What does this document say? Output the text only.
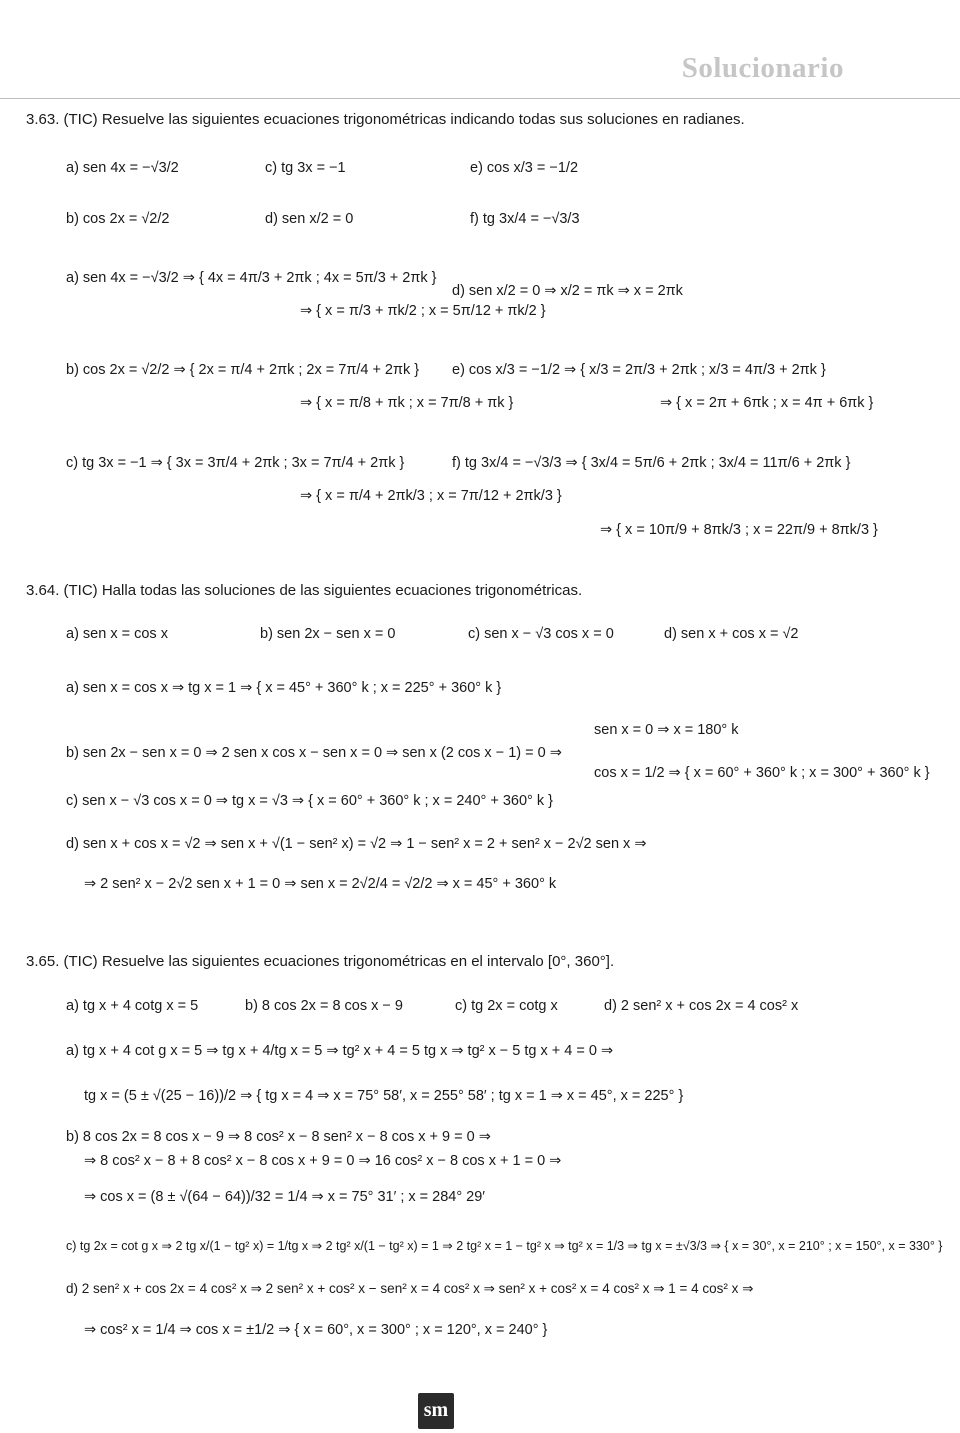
Solucionario
3.63. (TIC) Resuelve las siguientes ecuaciones trigonométricas indicando todas sus soluciones en radianes.
a) sen 4x = −√3/2	c) tg 3x = −1	e) cos x/3 = −1/2
b) cos 2x = √2/2	d) sen x/2 = 0	f) tg 3x/4 = −√3/3
a) sen 4x = −√3/2 ⇒ { 4x = 4π/3 + 2πk ; 4x = 5π/3 + 2πk }
⇒ { x = π/3 + πk/2 ; x = 5π/12 + πk/2 }
d) sen x/2 = 0 ⇒ x/2 = πk ⇒ x = 2πk
b) cos 2x = √2/2 ⇒ { 2x = π/4 + 2πk ; 2x = 7π/4 + 2πk }
⇒ { x = π/8 + πk ; x = 7π/8 + πk }
e) cos x/3 = −1/2 ⇒ { x/3 = 2π/3 + 2πk ; x/3 = 4π/3 + 2πk }
⇒ { x = 2π + 6πk ; x = 4π + 6πk }
c) tg 3x = −1 ⇒ { 3x = 3π/4 + 2πk ; 3x = 7π/4 + 2πk }
⇒ { x = π/4 + 2πk/3 ; x = 7π/12 + 2πk/3 }
f) tg 3x/4 = −√3/3 ⇒ { 3x/4 = 5π/6 + 2πk ; 3x/4 = 11π/6 + 2πk }
⇒ { x = 10π/9 + 8πk/3 ; x = 22π/9 + 8πk/3 }
3.64. (TIC) Halla todas las soluciones de las siguientes ecuaciones trigonométricas.
a) sen x = cos x	b) sen 2x − sen x = 0	c) sen x − √3 cos x = 0	d) sen x + cos x = √2
a) sen x = cos x ⇒ tg x = 1 ⇒ { x = 45° + 360° k ; x = 225° + 360° k }
sen x = 0 ⇒ x = 180° k
b) sen 2x − sen x = 0 ⇒ 2 sen x cos x − sen x = 0 ⇒ sen x (2 cos x − 1) = 0 ⇒
cos x = 1/2 ⇒ { x = 60° + 360° k ; x = 300° + 360° k }
c) sen x − √3 cos x = 0 ⇒ tg x = √3 ⇒ { x = 60° + 360° k ; x = 240° + 360° k }
d) sen x + cos x = √2 ⇒ sen x + √(1 − sen² x) = √2 ⇒ 1 − sen² x = 2 + sen² x − 2√2 sen x ⇒
⇒ 2 sen² x − 2√2 sen x + 1 = 0 ⇒ sen x = 2√2/4 = √2/2 ⇒ x = 45° + 360° k
3.65. (TIC) Resuelve las siguientes ecuaciones trigonométricas en el intervalo [0°, 360°].
a) tg x + 4 cotg x = 5	b) 8 cos 2x = 8 cos x − 9	c) tg 2x = cotg x	d) 2 sen² x + cos 2x = 4 cos² x
a) tg x + 4 cot g x = 5 ⇒ tg x + 4/tg x = 5 ⇒ tg² x + 4 = 5 tg x ⇒ tg² x − 5 tg x + 4 = 0 ⇒
tg x = (5 ± √(25 − 16))/2 ⇒ { tg x = 4 ⇒ x = 75° 58′, x = 255° 58′ ; tg x = 1 ⇒ x = 45°, x = 225° }
b) 8 cos 2x = 8 cos x − 9 ⇒ 8 cos² x − 8 sen² x − 8 cos x + 9 = 0 ⇒
⇒ 8 cos² x − 8 + 8 cos² x − 8 cos x + 9 = 0 ⇒ 16 cos² x − 8 cos x + 1 = 0 ⇒
⇒ cos x = (8 ± √(64 − 64))/32 = 1/4 ⇒ x = 75° 31′ ; x = 284° 29′
c) tg 2x = cot g x ⇒ 2 tg x/(1 − tg² x) = 1/tg x ⇒ 2 tg² x/(1 − tg² x) = 1 ⇒ 2 tg² x = 1 − tg² x ⇒ tg² x = 1/3 ⇒ tg x = ±√3/3 ⇒ { x = 30°, x = 210° ; x = 150°, x = 330° }
d) 2 sen² x + cos 2x = 4 cos² x ⇒ 2 sen² x + cos² x − sen² x = 4 cos² x ⇒ sen² x + cos² x = 4 cos² x ⇒ 1 = 4 cos² x ⇒
⇒ cos² x = 1/4 ⇒ cos x = ±1/2 ⇒ { x = 60°, x = 300° ; x = 120°, x = 240° }
sm
